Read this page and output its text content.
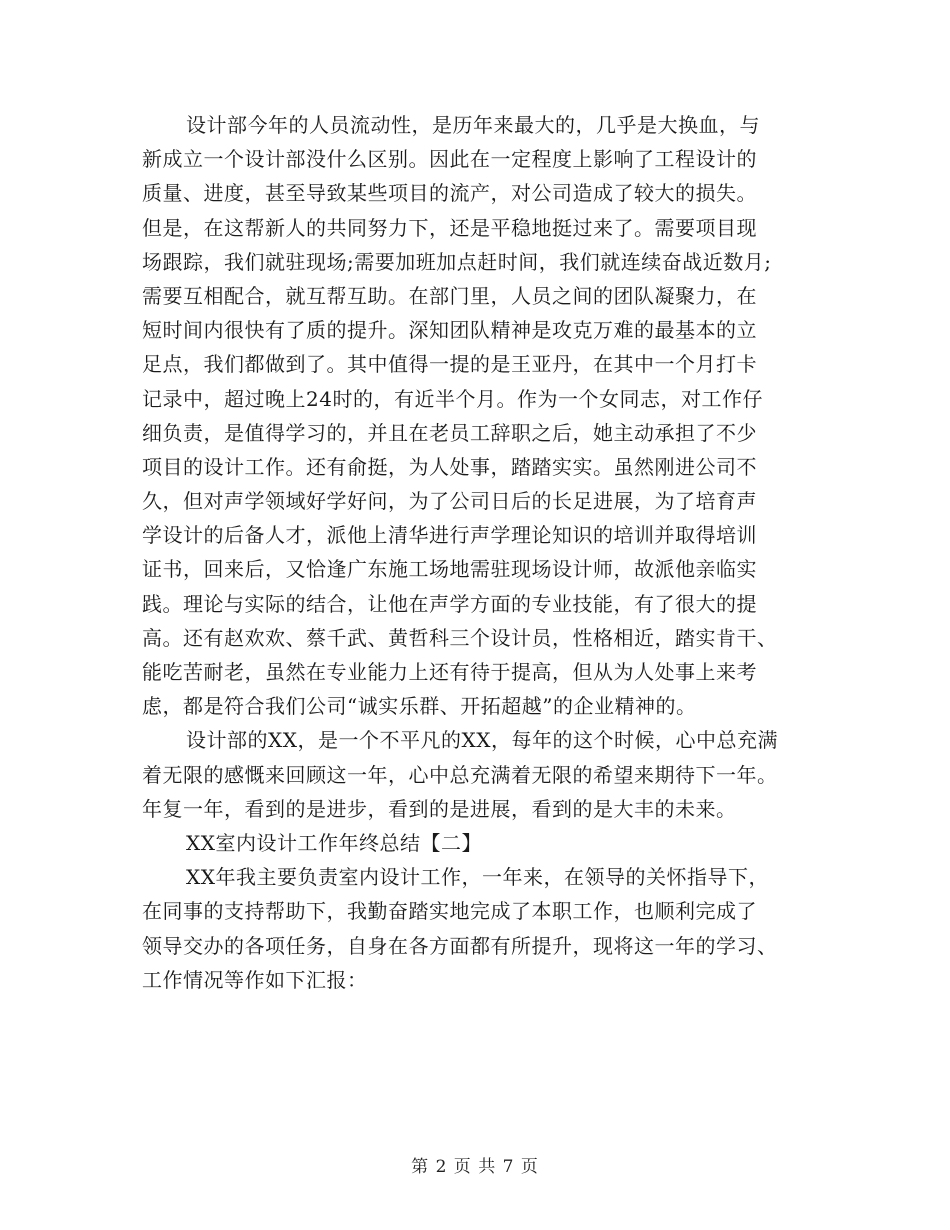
设计部今年的人员流动性，是历年来最大的，几乎是大换血，与
新成立一个设计部没什么区别。因此在一定程度上影响了工程设计的
质量、进度，甚至导致某些项目的流产，对公司造成了较大的损失。
但是，在这帮新人的共同努力下，还是平稳地挺过来了。需要项目现
场跟踪，我们就驻现场;需要加班加点赶时间，我们就连续奋战近数月;
需要互相配合，就互帮互助。在部门里，人员之间的团队凝聚力，在
短时间内很快有了质的提升。深知团队精神是攻克万难的最基本的立
足点，我们都做到了。其中值得一提的是王亚丹，在其中一个月打卡
记录中，超过晚上24时的，有近半个月。作为一个女同志，对工作仔
细负责，是值得学习的，并且在老员工辞职之后，她主动承担了不少
项目的设计工作。还有俞挺，为人处事，踏踏实实。虽然刚进公司不
久，但对声学领域好学好问，为了公司日后的长足进展，为了培育声
学设计的后备人才，派他上清华进行声学理论知识的培训并取得培训
证书，回来后，又恰逢广东施工场地需驻现场设计师，故派他亲临实
践。理论与实际的结合，让他在声学方面的专业技能，有了很大的提
高。还有赵欢欢、蔡千武、黄哲科三个设计员，性格相近，踏实肯干、
能吃苦耐老，虽然在专业能力上还有待于提高，但从为人处事上来考
虑，都是符合我们公司“诚实乐群、开拓超越”的企业精神的。
设计部的XX，是一个不平凡的XX，每年的这个时候，心中总充满
着无限的感慨来回顾这一年，心中总充满着无限的希望来期待下一年。
年复一年，看到的是进步，看到的是进展，看到的是大丰的未来。
XX室内设计工作年终总结【二】
XX年我主要负责室内设计工作，一年来，在领导的关怀指导下，
在同事的支持帮助下，我勤奋踏实地完成了本职工作，也顺利完成了
领导交办的各项任务，自身在各方面都有所提升，现将这一年的学习、
工作情况等作如下汇报：
第 2 页 共 7 页
